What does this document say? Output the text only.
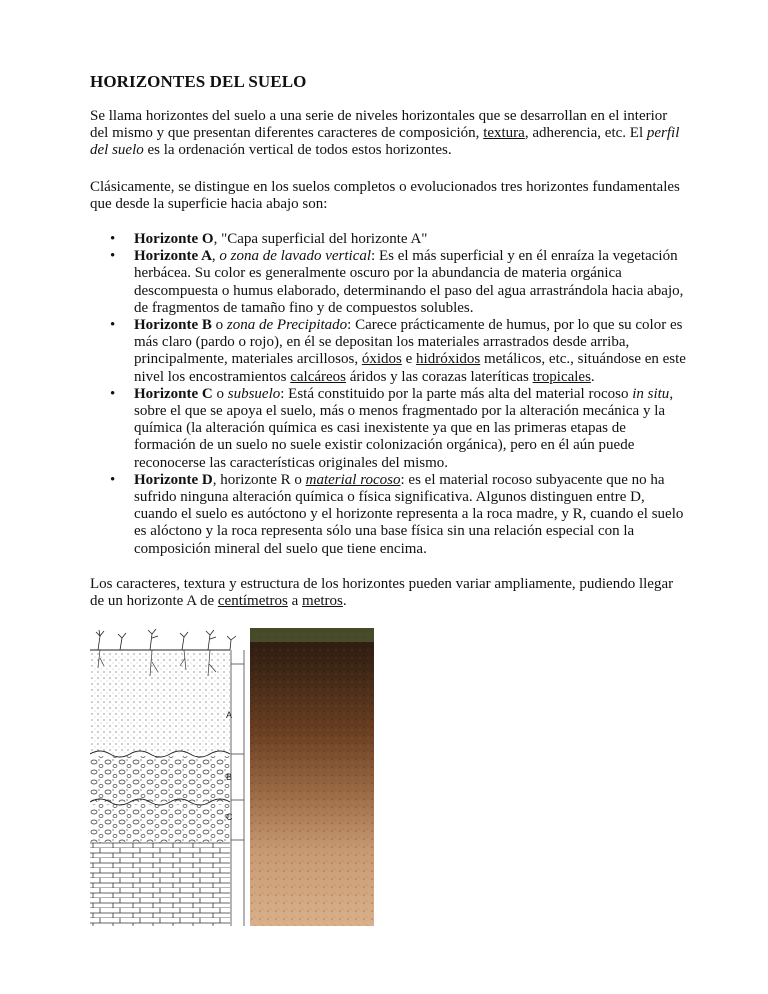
HORIZONTES DEL SUELO

Se llama horizontes del suelo a una serie de niveles horizontales que se desarrollan en el interior del mismo y que presentan diferentes caracteres de composición, textura, adherencia, etc. El perfil del suelo es la ordenación vertical de todos estos horizontes.

Clásicamente, se distingue en los suelos completos o evolucionados tres horizontes fundamentales que desde la superficie hacia abajo son:

• Horizonte O, "Capa superficial del horizonte A"
• Horizonte A, o zona de lavado vertical: Es el más superficial y en él enraíza la vegetación herbácea. Su color es generalmente oscuro por la abundancia de materia orgánica descompuesta o humus elaborado, determinando el paso del agua arrastrándola hacia abajo, de fragmentos de tamaño fino y de compuestos solubles.
• Horizonte B o zona de Precipitado: Carece prácticamente de humus, por lo que su color es más claro (pardo o rojo), en él se depositan los materiales arrastrados desde arriba, principalmente, materiales arcillosos, óxidos e hidróxidos metálicos, etc., situándose en este nivel los encostramientos calcáreos áridos y las corazas lateríticas tropicales.
• Horizonte C o subsuelo: Está constituido por la parte más alta del material rocoso in situ, sobre el que se apoya el suelo, más o menos fragmentado por la alteración mecánica y la química (la alteración química es casi inexistente ya que en las primeras etapas de formación de un suelo no suele existir colonización orgánica), pero en él aún puede reconocerse las características originales del mismo.
• Horizonte D, horizonte R o material rocoso: es el material rocoso subyacente que no ha sufrido ninguna alteración química o física significativa. Algunos distinguen entre D, cuando el suelo es autóctono y el horizonte representa a la roca madre, y R, cuando el suelo es alóctono y la roca representa sólo una base física sin una relación especial con la composición mineral del suelo que tiene encima.

Los caracteres, textura y estructura de los horizontes pueden variar ampliamente, pudiendo llegar de un horizonte A de centímetros a metros.

A
B
C
